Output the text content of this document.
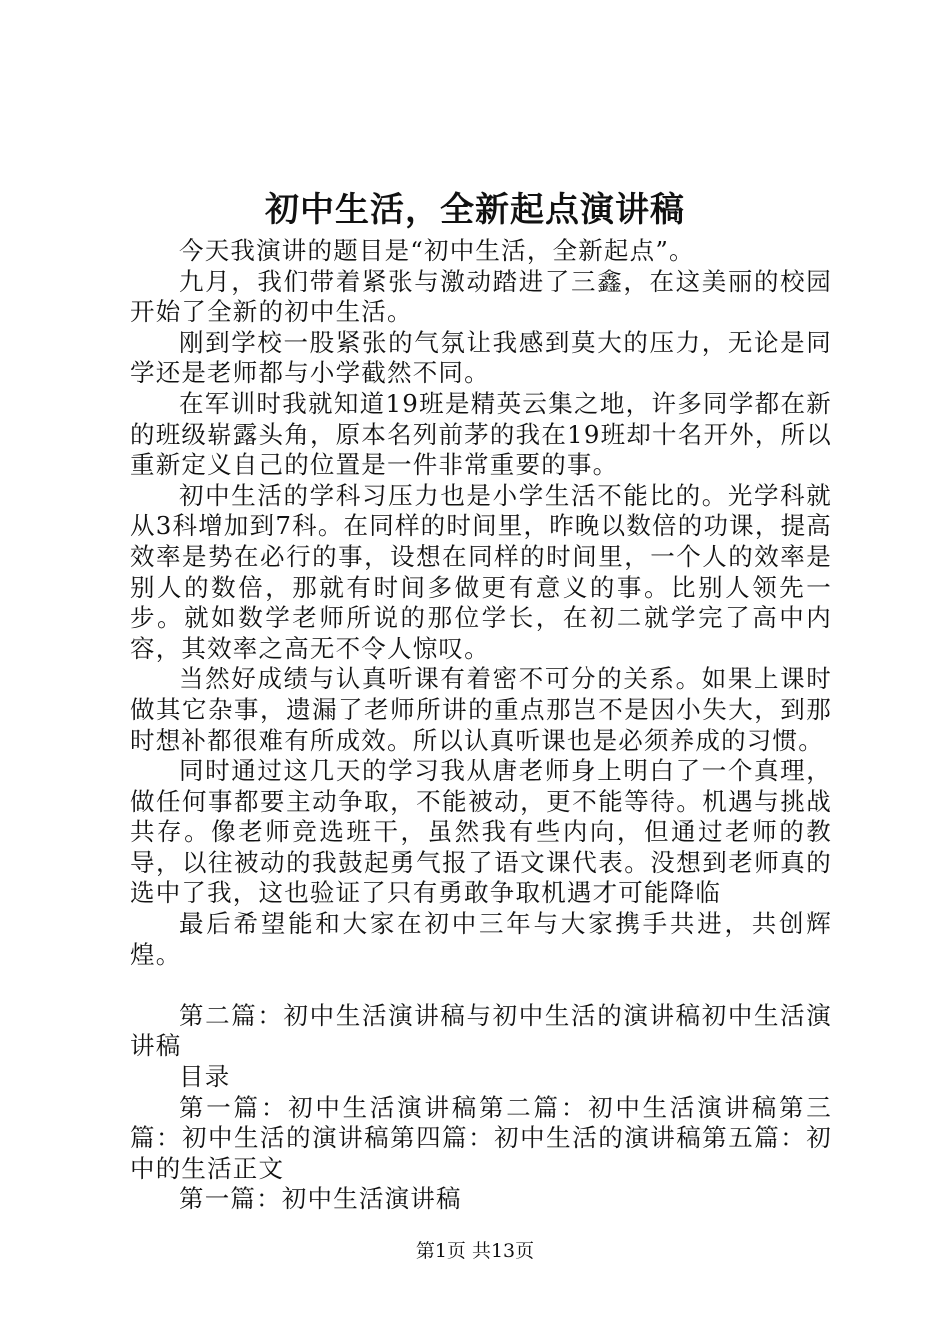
初中生活，全新起点演讲稿

今天我演讲的题目是“初中生活，全新起点”。

九月，我们带着紧张与激动踏进了三鑫，在这美丽的校园开始了全新的初中生活。

刚到学校一股紧张的气氛让我感到莫大的压力，无论是同学还是老师都与小学截然不同。

在军训时我就知道19班是精英云集之地，许多同学都在新的班级崭露头角，原本名列前茅的我在19班却十名开外，所以重新定义自己的位置是一件非常重要的事。

初中生活的学科习压力也是小学生活不能比的。光学科就从3科增加到7科。在同样的时间里，昨晚以数倍的功课，提高效率是势在必行的事，设想在同样的时间里，一个人的效率是别人的数倍，那就有时间多做更有意义的事。比别人领先一步。就如数学老师所说的那位学长，在初二就学完了高中内容，其效率之高无不令人惊叹。

当然好成绩与认真听课有着密不可分的关系。如果上课时做其它杂事，遗漏了老师所讲的重点那岂不是因小失大，到那时想补都很难有所成效。所以认真听课也是必须养成的习惯。

同时通过这几天的学习我从唐老师身上明白了一个真理，做任何事都要主动争取，不能被动，更不能等待。机遇与挑战共存。像老师竞选班干，虽然我有些内向，但通过老师的教导，以往被动的我鼓起勇气报了语文课代表。没想到老师真的选中了我，这也验证了只有勇敢争取机遇才可能降临

最后希望能和大家在初中三年与大家携手共进，共创辉煌。

第二篇：初中生活演讲稿与初中生活的演讲稿初中生活演讲稿

目录

第一篇：初中生活演讲稿第二篇：初中生活演讲稿第三篇：初中生活的演讲稿第四篇：初中生活的演讲稿第五篇：初中的生活正文

第一篇：初中生活演讲稿

第1页 共13页
